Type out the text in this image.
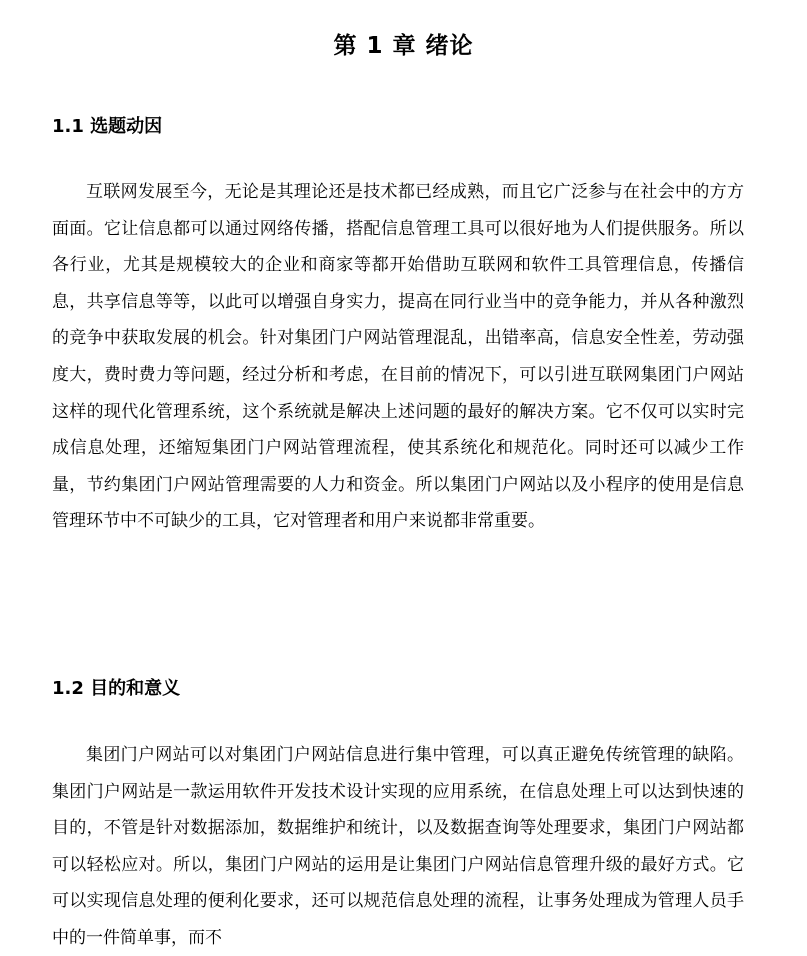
第 1 章 绪论
1.1 选题动因

互联网发展至今，无论是其理论还是技术都已经成熟，而且它广泛参与在社会中的方方面面。它让信息都可以通过网络传播，搭配信息管理工具可以很好地为人们提供服务。所以各行业，尤其是规模较大的企业和商家等都开始借助互联网和软件工具管理信息，传播信息，共享信息等等，以此可以增强自身实力，提高在同行业当中的竞争能力，并从各种激烈的竞争中获取发展的机会。针对集团门户网站管理混乱，出错率高，信息安全性差，劳动强度大，费时费力等问题，经过分析和考虑，在目前的情况下，可以引进互联网集团门户网站这样的现代化管理系统，这个系统就是解决上述问题的最好的解决方案。它不仅可以实时完成信息处理，还缩短集团门户网站管理流程，使其系统化和规范化。同时还可以减少工作量，节约集团门户网站管理需要的人力和资金。所以集团门户网站以及小程序的使用是信息管理环节中不可缺少的工具，它对管理者和用户来说都非常重要。

1.2 目的和意义

集团门户网站可以对集团门户网站信息进行集中管理，可以真正避免传统管理的缺陷。集团门户网站是一款运用软件开发技术设计实现的应用系统，在信息处理上可以达到快速的目的，不管是针对数据添加，数据维护和统计，以及数据查询等处理要求，集团门户网站都可以轻松应对。所以，集团门户网站的运用是让集团门户网站信息管理升级的最好方式。它可以实现信息处理的便利化要求，还可以规范信息处理的流程，让事务处理成为管理人员手中的一件简单事，而不
